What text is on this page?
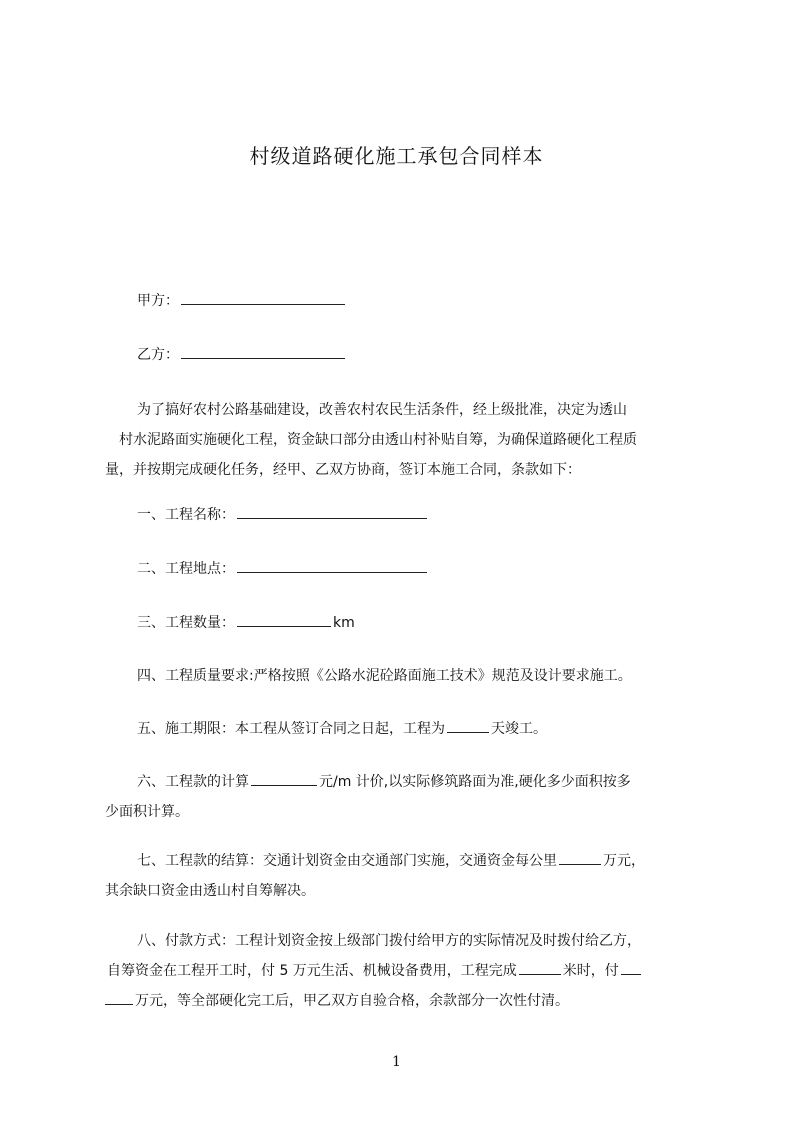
村级道路硬化施工承包合同样本
甲方：
乙方：
为了搞好农村公路基础建设，改善农村农民生活条件，经上级批准，决定为透山
村水泥路面实施硬化工程，资金缺口部分由透山村补贴自筹，为确保道路硬化工程质
量，并按期完成硬化任务，经甲、乙双方协商，签订本施工合同，条款如下：
一、工程名称：
二、工程地点：
三、工程数量：	km
四、工程质量要求:严格按照《公路水泥砼路面施工技术》规范及设计要求施工。
五、施工期限：本工程从签订合同之日起，工程为	天竣工。
六、工程款的计算	元/m 计价,以实际修筑路面为准,硬化多少面积按多
少面积计算。
七、工程款的结算：交通计划资金由交通部门实施，交通资金每公里	万元，
其余缺口资金由透山村自筹解决。
八、付款方式：工程计划资金按上级部门拨付给甲方的实际情况及时拨付给乙方，
自筹资金在工程开工时，付 5 万元生活、机械设备费用，工程完成	米时，付
万元，等全部硬化完工后，甲乙双方自验合格，余款部分一次性付清。
1
